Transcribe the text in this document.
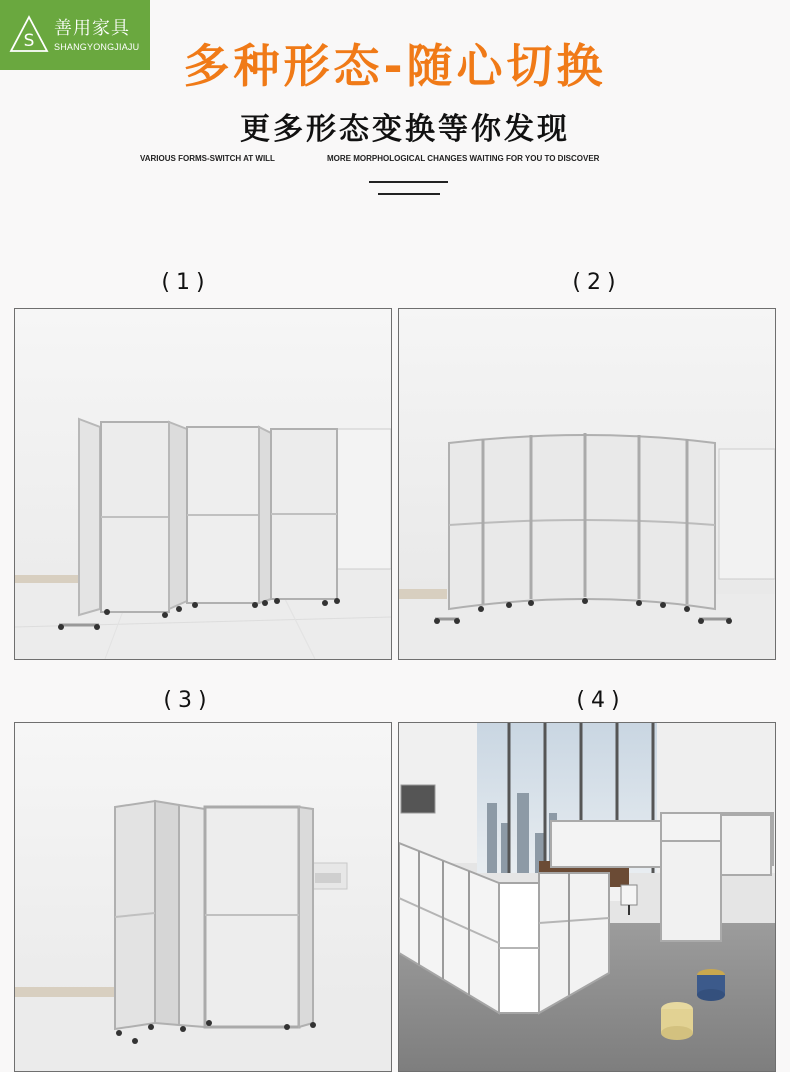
S
善用家具
SHANGYONGJIAJU 多种形态-随心切换
更多形态变换等你发现
VARIOUS FORMS-SWITCH AT WILL	MORE MORPHOLOGICAL CHANGES WAITING FOR YOU TO DISCOVER
(1)	(2)
(3)	(4)
